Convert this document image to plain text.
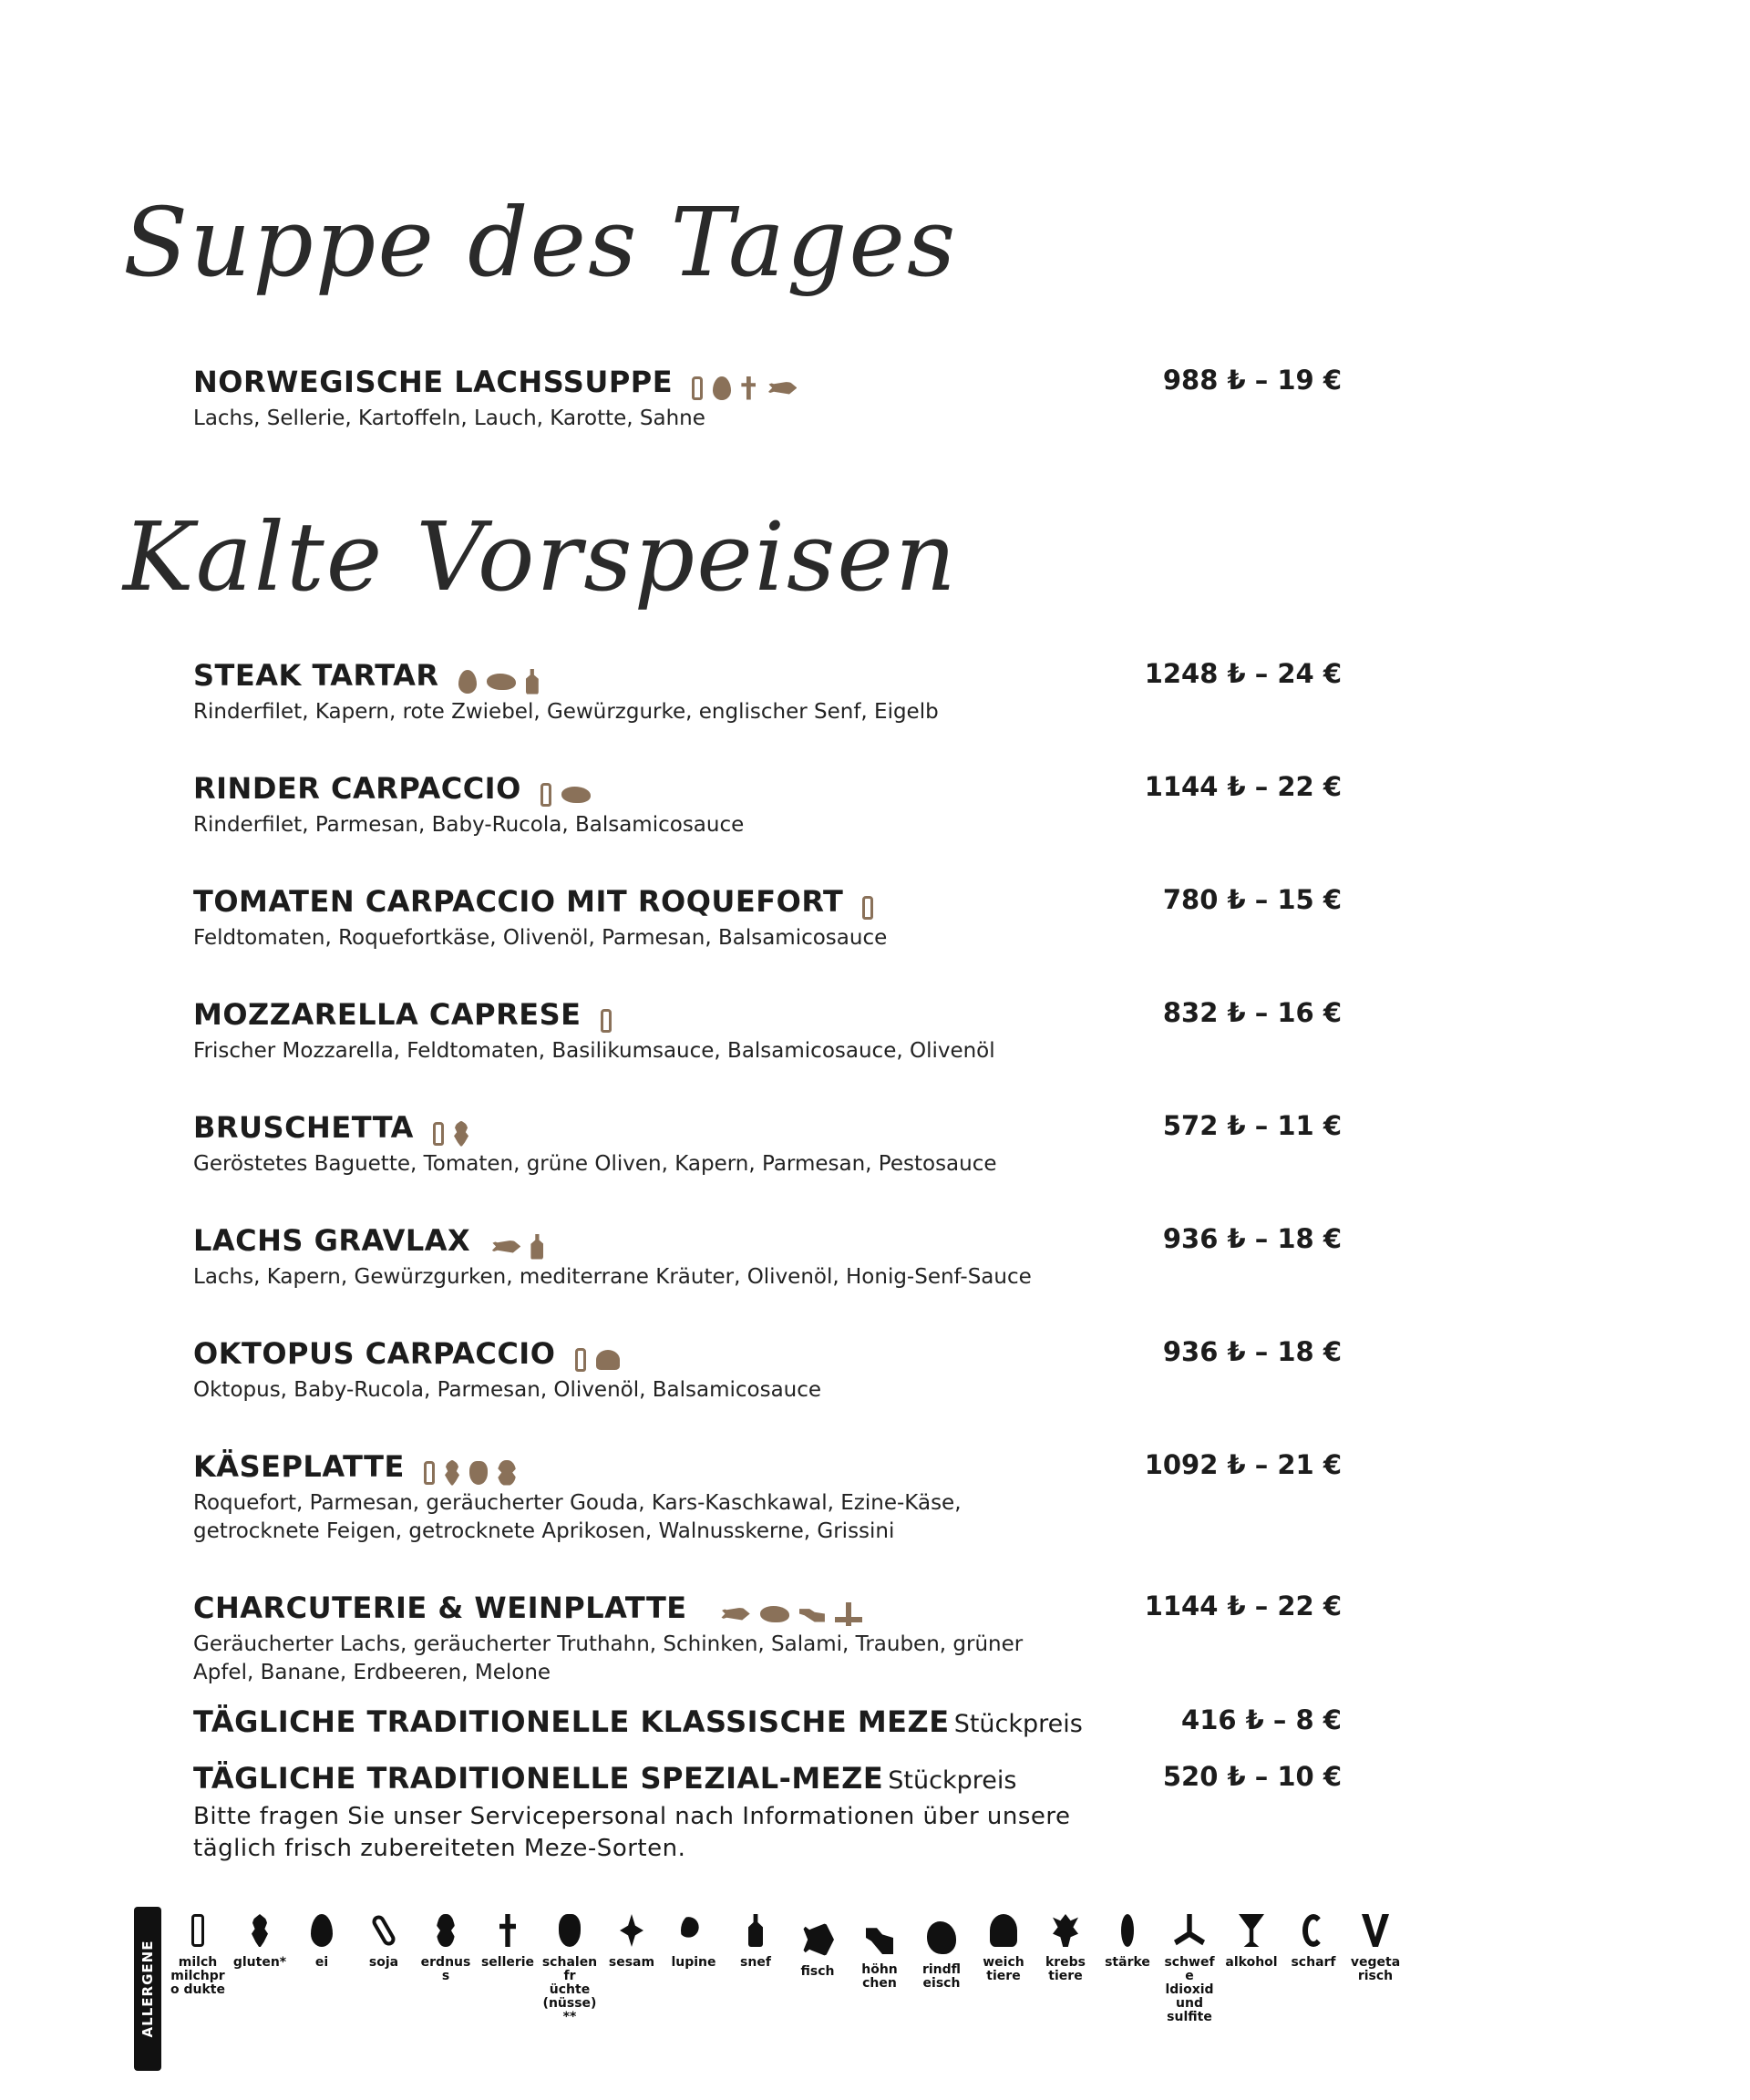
Suppe des Tages
Kalte Vorspeisen
NORWEGISCHE LACHSSUPPE	988 ₺ – 19 €
Lachs, Sellerie, Kartoffeln, Lauch, Karotte, Sahne
STEAK TARTAR	1248 ₺ – 24 €
Rinderfilet, Kapern, rote Zwiebel, Gewürzgurke, englischer Senf, Eigelb
RINDER CARPACCIO	1144 ₺ – 22 €
Rinderfilet, Parmesan, Baby-Rucola, Balsamicosauce
TOMATEN CARPACCIO MIT ROQUEFORT	780 ₺ – 15 €
Feldtomaten, Roquefortkäse, Olivenöl, Parmesan, Balsamicosauce
MOZZARELLA CAPRESE	832 ₺ – 16 €
Frischer Mozzarella, Feldtomaten, Basilikumsauce, Balsamicosauce, Olivenöl
BRUSCHETTA	572 ₺ – 11 €
Geröstetes Baguette, Tomaten, grüne Oliven, Kapern, Parmesan, Pestosauce
LACHS GRAVLAX	936 ₺ – 18 €
Lachs, Kapern, Gewürzgurken, mediterrane Kräuter, Olivenöl, Honig-Senf-Sauce
OKTOPUS CARPACCIO	936 ₺ – 18 €
Oktopus, Baby-Rucola, Parmesan, Olivenöl, Balsamicosauce
KÄSEPLATTE	1092 ₺ – 21 €
Roquefort, Parmesan, geräucherter Gouda, Kars-Kaschkawal, Ezine-Käse,
getrocknete Feigen, getrocknete Aprikosen, Walnusskerne, Grissini
CHARCUTERIE & WEINPLATTE	1144 ₺ – 22 €
Geräucherter Lachs, geräucherter Truthahn, Schinken, Salami, Trauben, grüner
Apfel, Banane, Erdbeeren, Melone
TÄGLICHE TRADITIONELLE KLASSISCHE MEZE Stückpreis	416 ₺ – 8 €
TÄGLICHE TRADITIONELLE SPEZIAL-MEZE Stückpreis	520 ₺ – 10 €
Bitte fragen Sie unser Servicepersonal nach Informationen über unsere
täglich frisch zubereiteten Meze-Sorten.
ALLERGENE	milch milchpro dukte
gluten*	ei	soja	erdnuss
sellerie schalenfr üchte (nüsse)**
sesam	lupine	snef
fisch	höhn chen
rindfl eisch
weich tiere
krebs tiere
stärke	schwefe ldioxid und sulfite
alkohol	scharf	vegeta risch
